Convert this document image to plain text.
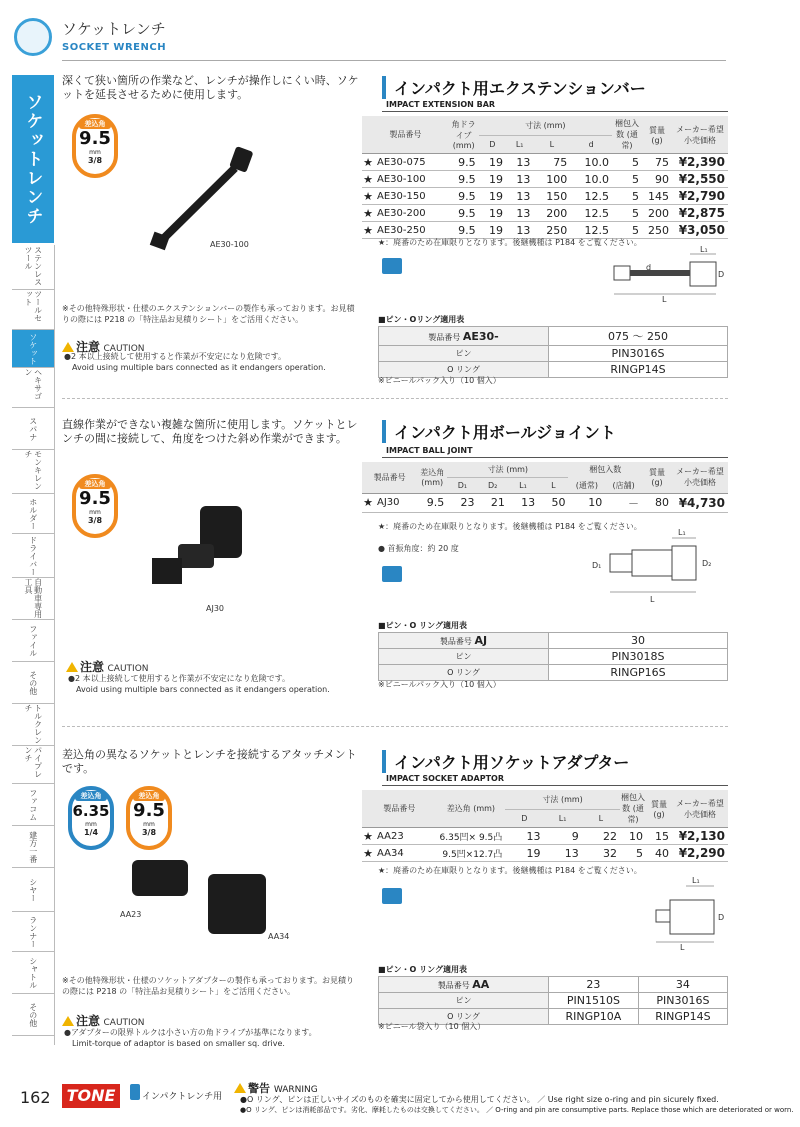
ソケットレンチ
SOCKET WRENCH
ソケットレンチ
ステンレスツール
ツールセット
ソケット
ヘキサゴン
スパナ
モンキレンチ
ホルダー
ドライバー
自動車専用工具
ファイル
その他
トルクレンチ
パイプレンチ
ファコム
建方一番
シヤー
ランナー
シャトル
その他
深くて狭い箇所の作業など、レンチが操作しにくい時、ソケットを延長させるために使用します。
差込角
9.5
mm
3/8
AE30-100
※その他特殊形状・仕様のエクステンションバーの製作も承っております。お見積りの際には P218 の「特注品お見積りシート」をご活用ください。
注意 CAUTION
●2 本以上接続して使用すると作業が不安定になり危険です。
Avoid using multiple bars connected as it endangers operation.
インパクト用エクステンションバー
IMPACT EXTENSION BAR
製品番号		角ドライブ (mm)	寸法 (mm)				梱包入数 (通常)	質量 (g)	メーカー希望小売価格
			D	L₁	L	d			
★	AE30-075	9.5	19	13	75	10.0	5	75	¥2,390
★	AE30-100	9.5	19	13	100	10.0	5	90	¥2,550
★	AE30-150	9.5	19	13	150	12.5	5	145	¥2,790
★	AE30-200	9.5	19	13	200	12.5	5	200	¥2,875
★	AE30-250	9.5	19	13	250	12.5	5	250	¥3,050
★：廃番のため在庫限りとなります。後継機種は P184 をご覧ください。
L₁
d
D
L
■ピン・Oリング適用表
製品番号 AE30-	075 ～ 250
ピン	PIN3016S
O リング	RINGP14S
※ビニールパック入り（10 個入）
直線作業ができない複雑な箇所に使用します。ソケットとレンチの間に接続して、角度をつけた斜め作業ができます。
差込角
9.5
mm
3/8
AJ30
注意 CAUTION
●2 本以上接続して使用すると作業が不安定になり危険です。
Avoid using multiple bars connected as it endangers operation.
インパクト用ボールジョイント
IMPACT BALL JOINT
製品番号		差込角 (mm)	寸法 (mm)				梱包入数		質量 (g)	メーカー希望小売価格
			D₁	D₂	L₁	L	(通常)	(店舗)		
★	AJ30	9.5	23	21	13	50	10	－	80	¥4,730
★：廃番のため在庫限りとなります。後継機種は P184 をご覧ください。
● 首振角度：約 20 度
L₁
D₁	D₂
L
■ピン・O リング適用表
製品番号 AJ	30
ピン	PIN3018S
O リング	RINGP16S
※ビニールパック入り（10 個入）
差込角の異なるソケットとレンチを接続するアタッチメントです。
差込角
6.35
mm
1/4
差込角
9.5
mm
3/8
AA23
AA34
※その他特殊形状・仕様のソケットアダプターの製作も承っております。お見積りの際には P218 の「特注品お見積りシート」をご活用ください。
注意 CAUTION
●アダプターの限界トルクは小さい方の角ドライブが基準になります。
Limit-torque of adaptor is based on smaller sq. drive.
インパクト用ソケットアダプター
IMPACT SOCKET ADAPTOR
製品番号		差込角 (mm)	寸法 (mm)			梱包入数 (通常)	質量 (g)	メーカー希望小売価格
			D	L₁	L			
★	AA23	6.35凹× 9.5凸	13	9	22	10	15	¥2,130
★	AA34	9.5凹×12.7凸	19	13	32	5	40	¥2,290
★：廃番のため在庫限りとなります。後継機種は P184 をご覧ください。
L₁
D
L
■ピン・O リング適用表
製品番号 AA	23	34
ピン	PIN1510S	PIN3016S
O リング	RINGP10A	RINGP14S
※ビニール袋入り（10 個入）
162 TONE	インパクトレンチ用
警告 WARNING
●O リング、ピンは正しいサイズのものを確実に固定してから使用してください。 ／ Use right size o-ring and pin sicurely fixed.
●O リング、ピンは消耗部品です。劣化、摩耗したものは交換してください。 ／ O-ring and pin are consumptive parts. Replace those which are deteriorated or worn.
